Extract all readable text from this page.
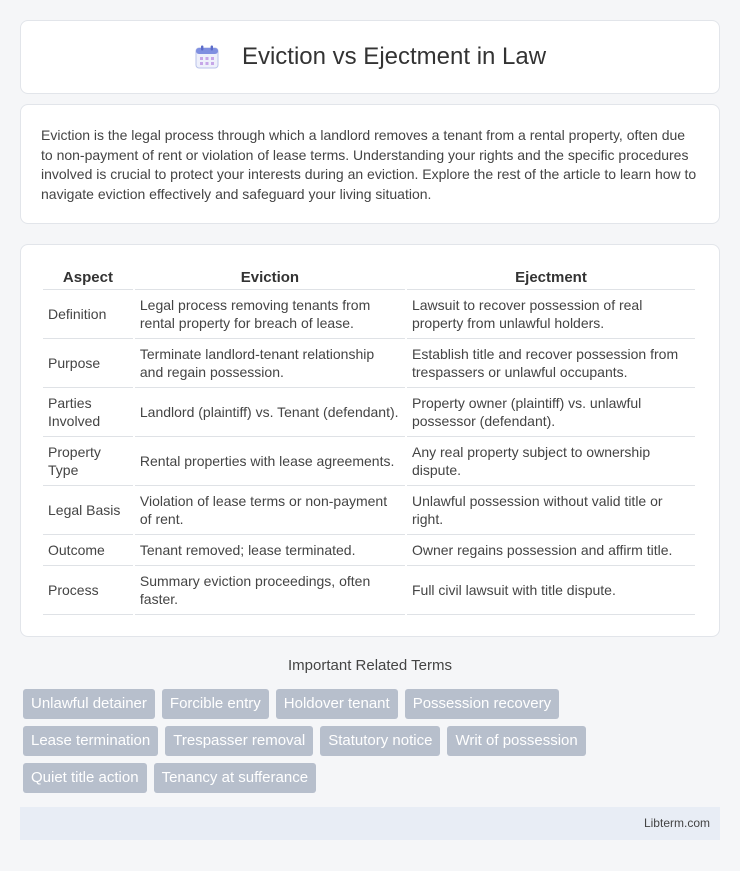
Eviction vs Ejectment in Law

Eviction is the legal process through which a landlord removes a tenant from a rental property, often due to non-payment of rent or violation of lease terms. Understanding your rights and the specific procedures involved is crucial to protect your interests during an eviction. Explore the rest of the article to learn how to navigate eviction effectively and safeguard your living situation.

Aspect	Eviction	Ejectment
Definition	Legal process removing tenants from rental property for breach of lease.	Lawsuit to recover possession of real property from unlawful holders.
Purpose	Terminate landlord-tenant relationship and regain possession.	Establish title and recover possession from trespassers or unlawful occupants.
Parties Involved	Landlord (plaintiff) vs. Tenant (defendant).	Property owner (plaintiff) vs. unlawful possessor (defendant).
Property Type	Rental properties with lease agreements.	Any real property subject to ownership dispute.
Legal Basis	Violation of lease terms or non-payment of rent.	Unlawful possession without valid title or right.
Outcome	Tenant removed; lease terminated.	Owner regains possession and affirm title.
Process	Summary eviction proceedings, often faster.	Full civil lawsuit with title dispute.
Important Related Terms
Unlawful detainer	Forcible entry	Holdover tenant	Possession recovery
Lease termination	Trespasser removal	Statutory notice	Writ of possession
Quiet title action	Tenancy at sufferance
Libterm.com
